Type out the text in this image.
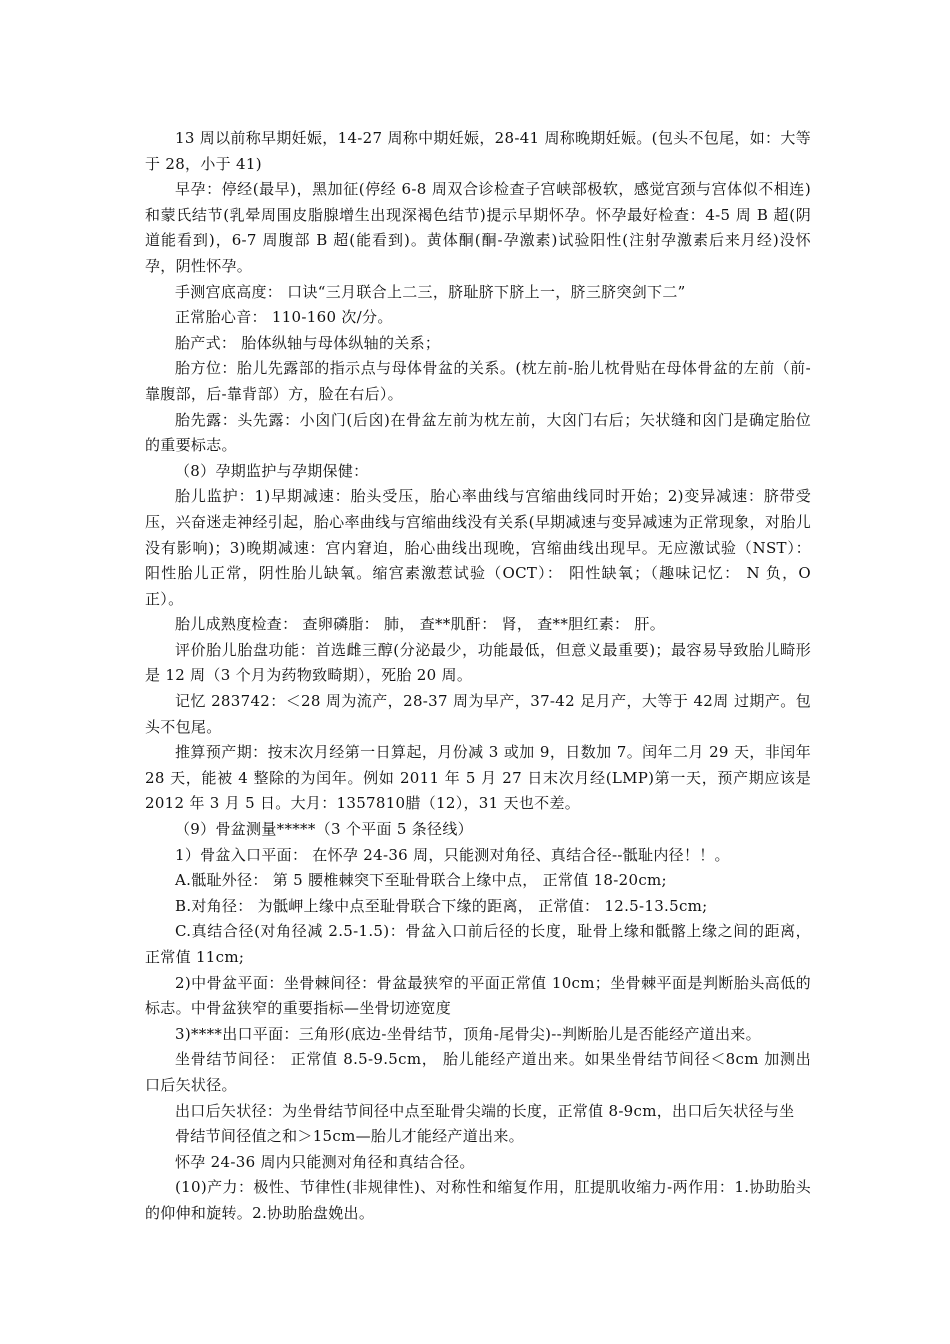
13 周以前称早期妊娠，14-27 周称中期妊娠，28-41 周称晚期妊娠。(包头不包尾，如：大等于 28，小于 41)

早孕：停经(最早)，黑加征(停经 6-8 周双合诊检查子宫峡部极软，感觉宫颈与宫体似不相连)和蒙氏结节(乳晕周围皮脂腺增生出现深褐色结节)提示早期怀孕。怀孕最好检查：4-5 周 B 超(阴道能看到)，6-7 周腹部 B 超(能看到)。黄体酮(酮-孕激素)试验阳性(注射孕激素后来月经)没怀孕，阴性怀孕。

手测宫底高度： 口诀“三月联合上二三，脐耻脐下脐上一，脐三脐突剑下二”

正常胎心音： 110-160 次/分。

胎产式： 胎体纵轴与母体纵轴的关系；

胎方位：胎儿先露部的指示点与母体骨盆的关系。(枕左前-胎儿枕骨贴在母体骨盆的左前（前-靠腹部，后-靠背部）方，脸在右后）。

胎先露：头先露：小囟门(后囟)在骨盆左前为枕左前，大囟门右后；矢状缝和囟门是确定胎位的重要标志。

（8）孕期监护与孕期保健：

胎儿监护：1)早期减速：胎头受压，胎心率曲线与宫缩曲线同时开始；2)变异减速：脐带受压，兴奋迷走神经引起，胎心率曲线与宫缩曲线没有关系(早期减速与变异减速为正常现象，对胎儿没有影响)；3)晚期减速：宫内窘迫，胎心曲线出现晚，宫缩曲线出现早。无应激试验（NST）： 阳性胎儿正常，阴性胎儿缺氧。缩宫素激惹试验（OCT）： 阳性缺氧；（趣味记忆： N 负，O 正）。

胎儿成熟度检查： 查卵磷脂： 肺， 查**肌酐： 肾， 查**胆红素： 肝。

评价胎儿胎盘功能：首选雌三醇(分泌最少，功能最低，但意义最重要)；最容易导致胎儿畸形是 12 周（3 个月为药物致畸期），死胎 20 周。

记忆 283742：＜28 周为流产，28-37 周为早产，37-42 足月产，大等于 42周 过期产。包头不包尾。

推算预产期：按末次月经第一日算起，月份减 3 或加 9，日数加 7。闰年二月 29 天，非闰年 28 天，能被 4 整除的为闰年。例如 2011 年 5 月 27 日末次月经(LMP)第一天，预产期应该是 2012 年 3 月 5 日。大月：1357810腊（12），31 天也不差。

（9）骨盆测量*****（3 个平面 5 条径线）

1）骨盆入口平面： 在怀孕 24-36 周，只能测对角径、真结合径--骶耻内径！！。

A.骶耻外径： 第 5 腰椎棘突下至耻骨联合上缘中点， 正常值 18-20cm;

B.对角径： 为骶岬上缘中点至耻骨联合下缘的距离， 正常值： 12.5-13.5cm;

C.真结合径(对角径减 2.5-1.5)：骨盆入口前后径的长度，耻骨上缘和骶髂上缘之间的距离， 正常值 11cm;

2)中骨盆平面：坐骨棘间径：骨盆最狭窄的平面正常值 10cm；坐骨棘平面是判断胎头高低的标志。中骨盆狭窄的重要指标—坐骨切迹宽度

3)****出口平面：三角形(底边-坐骨结节，顶角-尾骨尖)--判断胎儿是否能经产道出来。

坐骨结节间径： 正常值 8.5-9.5cm， 胎儿能经产道出来。如果坐骨结节间径＜8cm 加测出口后矢状径。

出口后矢状径：为坐骨结节间径中点至耻骨尖端的长度，正常值 8-9cm，出口后矢状径与坐

骨结节间径值之和＞15cm—胎儿才能经产道出来。

怀孕 24-36 周内只能测对角径和真结合径。

(10)产力：极性、节律性(非规律性)、对称性和缩复作用，肛提肌收缩力-两作用：1.协助胎头的仰伸和旋转。2.协助胎盘娩出。
